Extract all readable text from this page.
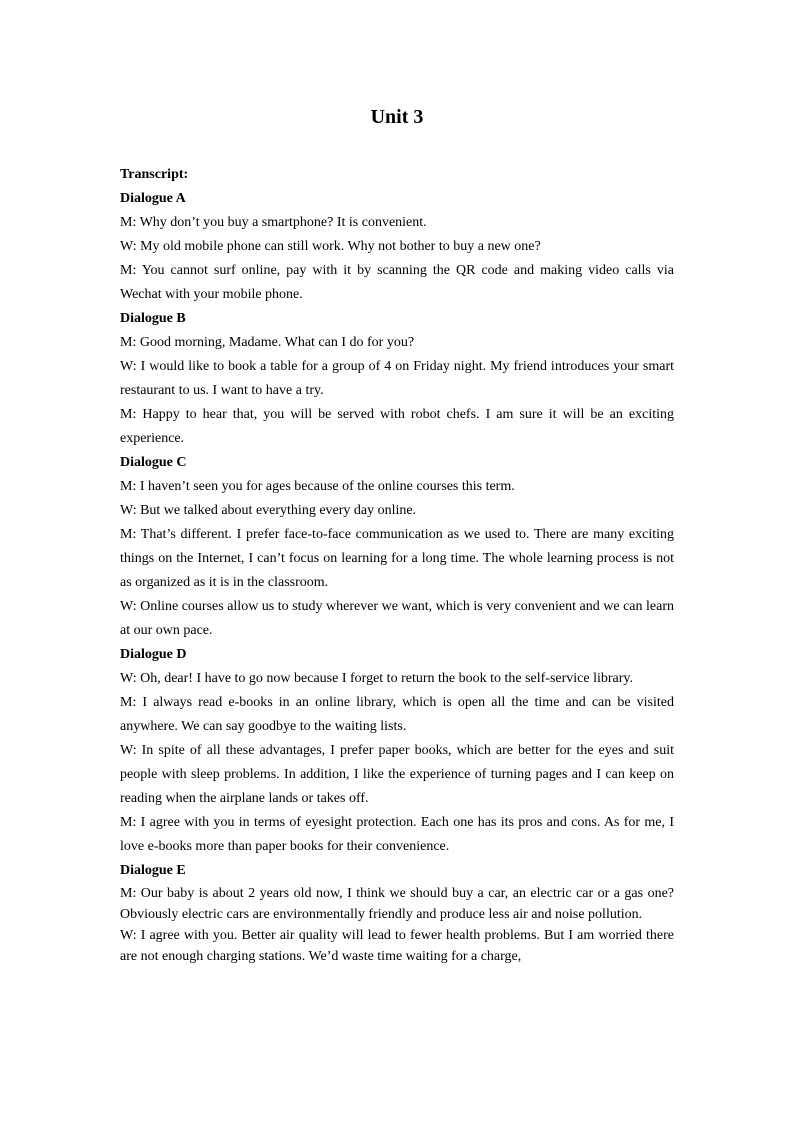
Unit 3

Transcript:

Dialogue A

M: Why don’t you buy a smartphone? It is convenient.

W: My old mobile phone can still work. Why not bother to buy a new one?

M: You cannot surf online, pay with it by scanning the QR code and making video calls via Wechat with your mobile phone.

Dialogue B

M: Good morning, Madame. What can I do for you?

W: I would like to book a table for a group of 4 on Friday night. My friend introduces your smart restaurant to us. I want to have a try.

M: Happy to hear that, you will be served with robot chefs. I am sure it will be an exciting experience.

Dialogue C

M: I haven’t seen you for ages because of the online courses this term.

W: But we talked about everything every day online.

M: That’s different. I prefer face-to-face communication as we used to. There are many exciting things on the Internet, I can’t focus on learning for a long time. The whole learning process is not as organized as it is in the classroom.

W: Online courses allow us to study wherever we want, which is very convenient and we can learn at our own pace.

Dialogue D

W: Oh, dear! I have to go now because I forget to return the book to the self-service library.

M: I always read e-books in an online library, which is open all the time and can be visited anywhere. We can say goodbye to the waiting lists.

W: In spite of all these advantages, I prefer paper books, which are better for the eyes and suit people with sleep problems. In addition, I like the experience of turning pages and I can keep on reading when the airplane lands or takes off.

M: I agree with you in terms of eyesight protection. Each one has its pros and cons. As for me, I love e-books more than paper books for their convenience.

Dialogue E

M: Our baby is about 2 years old now, I think we should buy a car, an electric car or a gas one? Obviously electric cars are environmentally friendly and produce less air and noise pollution.

W: I agree with you. Better air quality will lead to fewer health problems. But I am worried there are not enough charging stations. We’d waste time waiting for a charge,
